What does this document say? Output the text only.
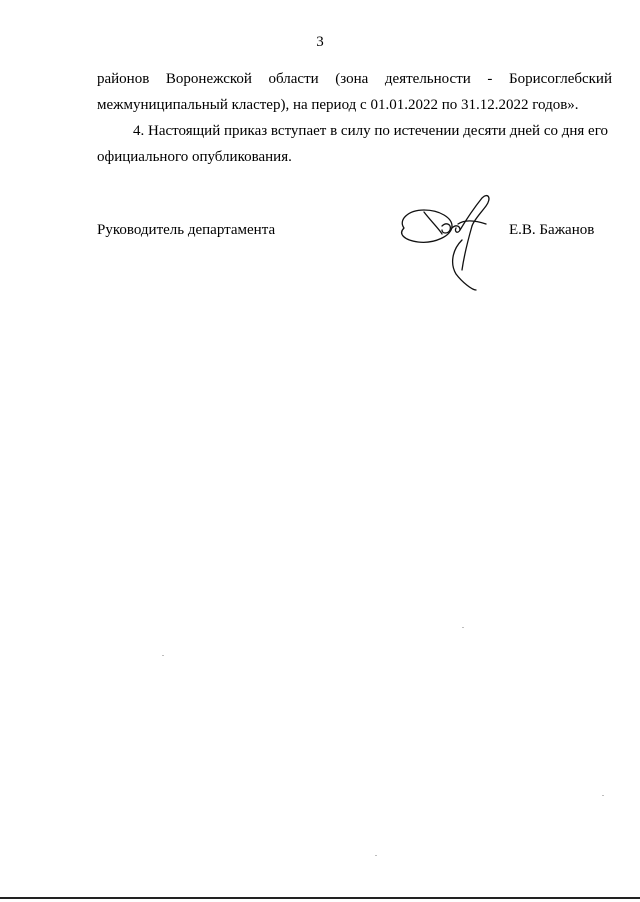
3
районов Воронежской области (зона деятельности - Борисоглебский
межмуниципальный кластер), на период с 01.01.2022 по 31.12.2022 годов».
4. Настоящий приказ вступает в силу по истечении десяти дней со дня его
официального опубликования.
Руководитель департамента	Е.В. Бажанов
